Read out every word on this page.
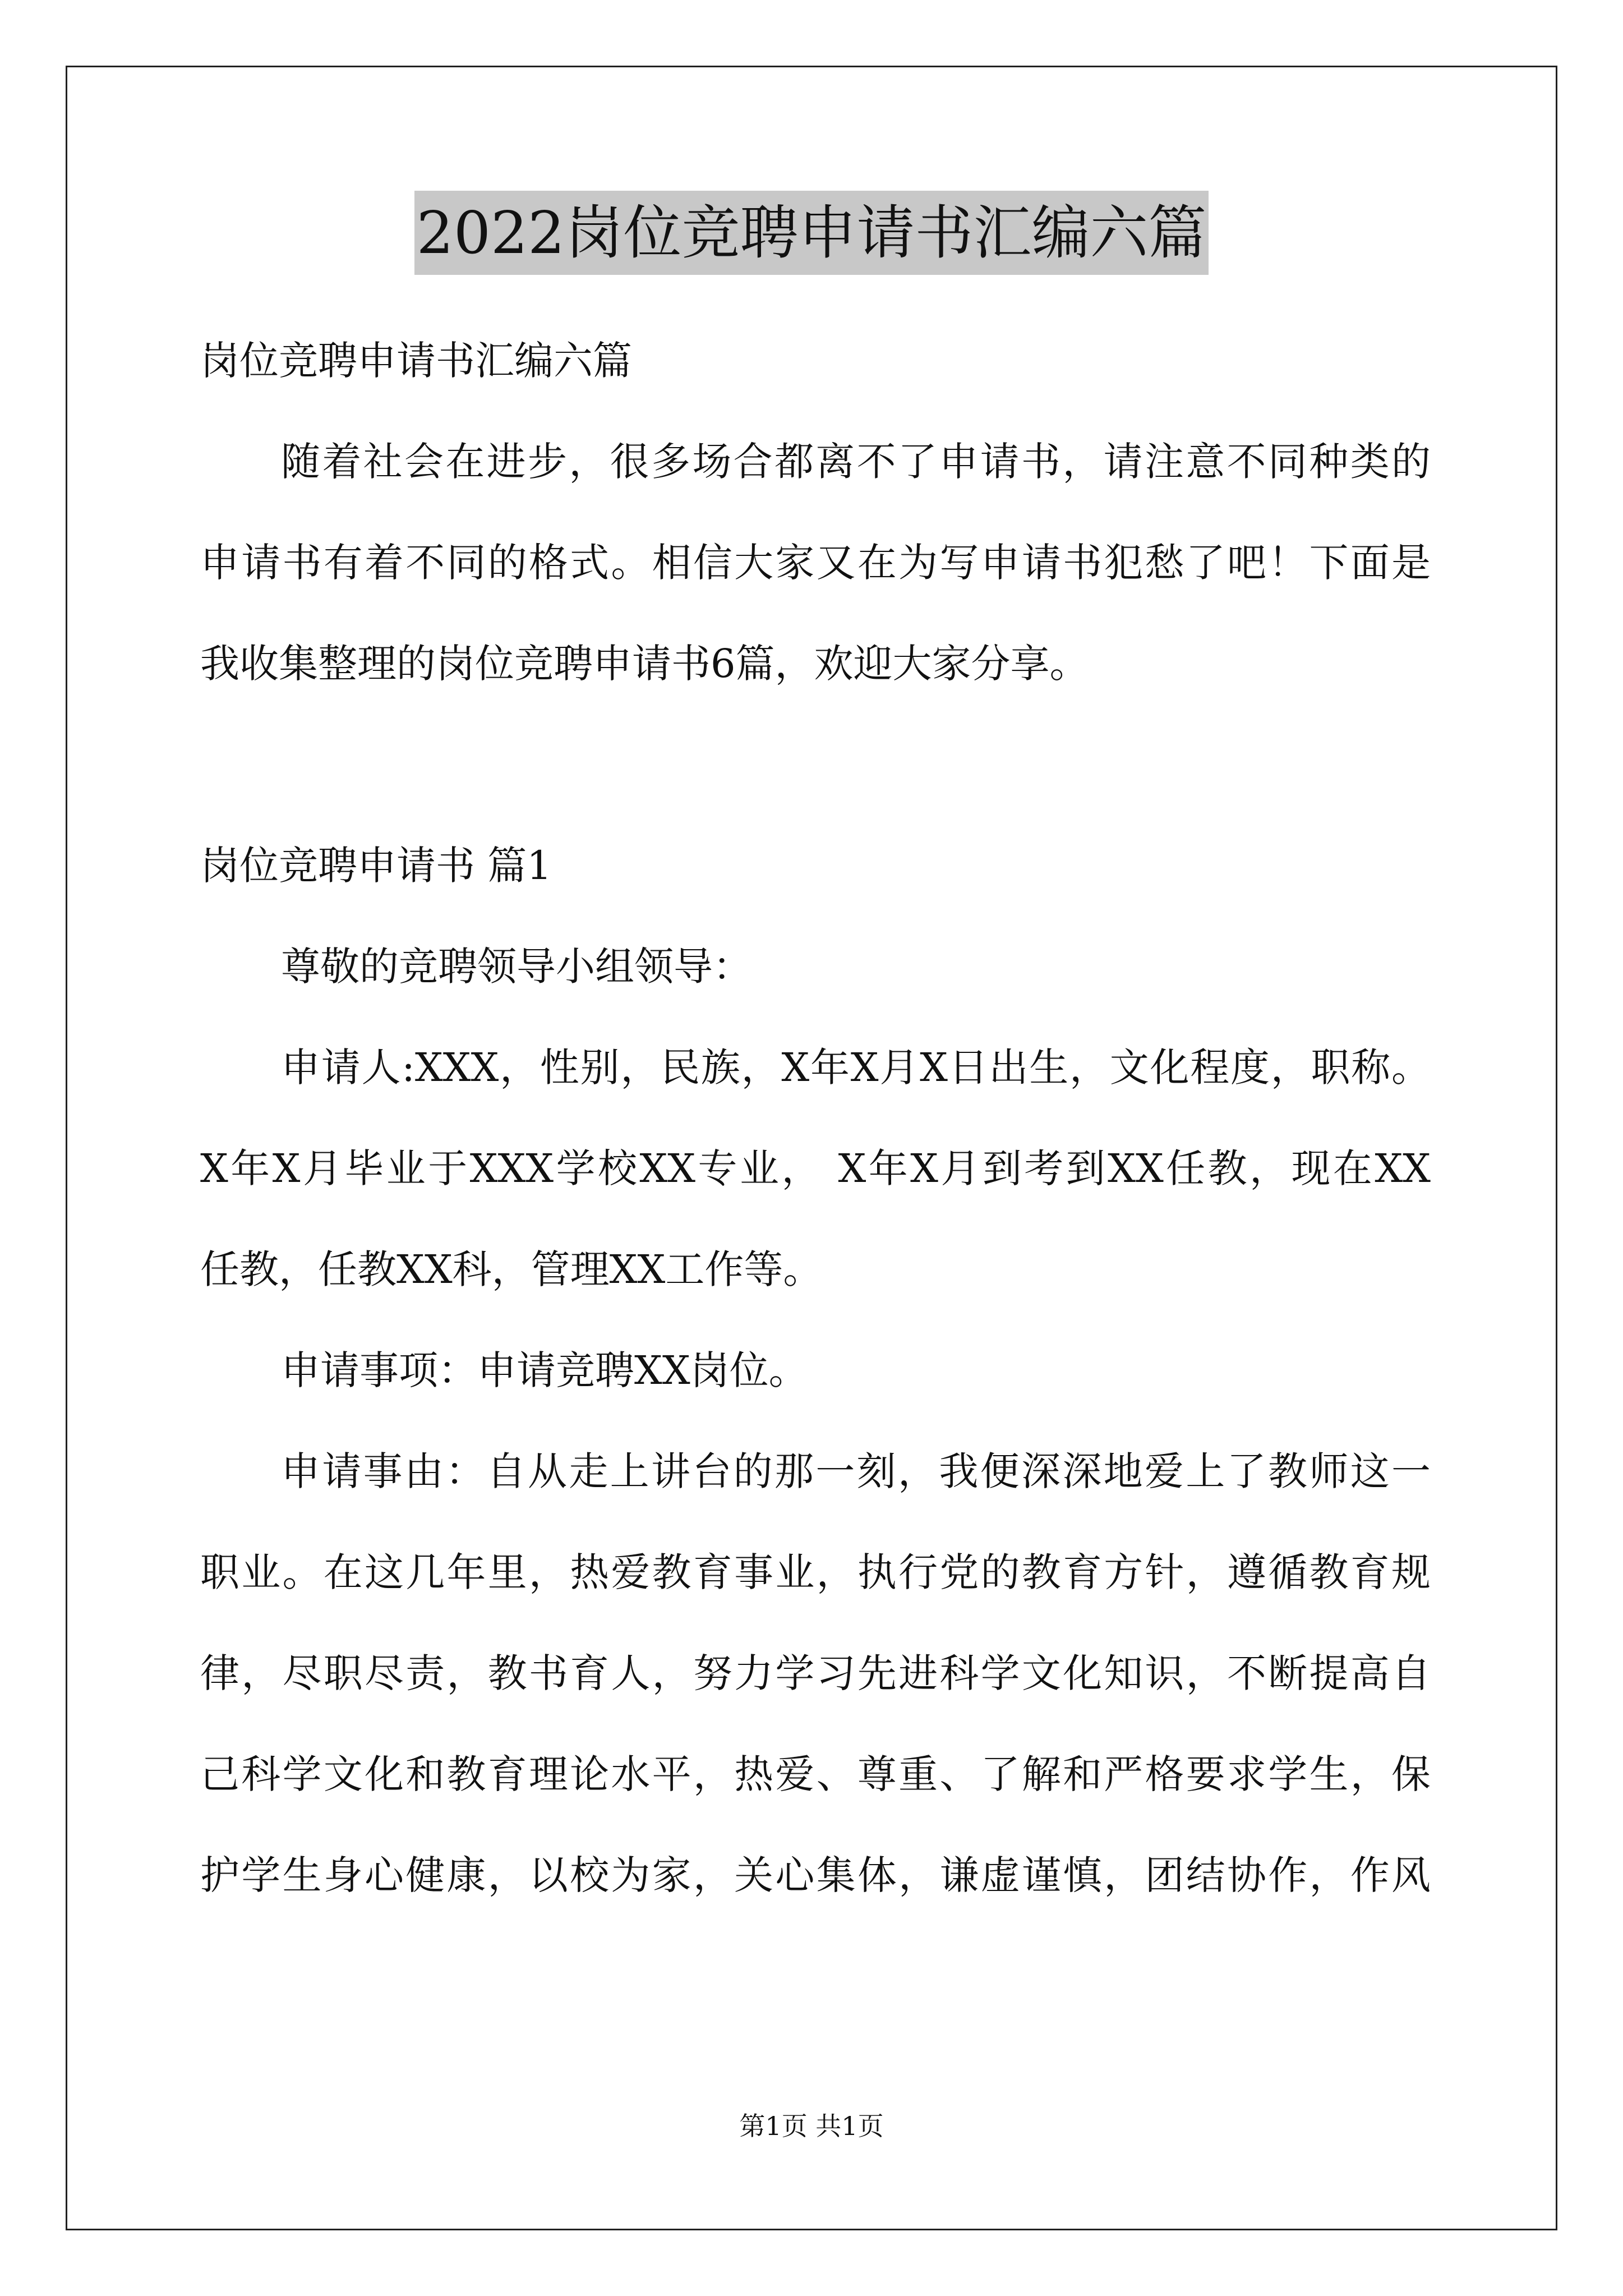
2022岗位竞聘申请书汇编六篇
岗位竞聘申请书汇编六篇
随着社会在进步，很多场合都离不了申请书，请注意不同种类的
申请书有着不同的格式。相信大家又在为写申请书犯愁了吧！下面是
我收集整理的岗位竞聘申请书6篇，欢迎大家分享。
岗位竞聘申请书 篇1
尊敬的竞聘领导小组领导：
申请人:XXX，性别，民族，X年X月X日出生，文化程度，职称。
X年X月毕业于XXX学校XX专业， X年X月到考到XX任教，现在XX
任教，任教XX科，管理XX工作等。
申请事项：申请竞聘XX岗位。
申请事由：自从走上讲台的那一刻，我便深深地爱上了教师这一
职业。在这几年里，热爱教育事业，执行党的教育方针，遵循教育规
律，尽职尽责，教书育人，努力学习先进科学文化知识，不断提高自
己科学文化和教育理论水平，热爱、尊重、了解和严格要求学生，保
护学生身心健康，以校为家，关心集体，谦虚谨慎，团结协作，作风
第1页 共1页
